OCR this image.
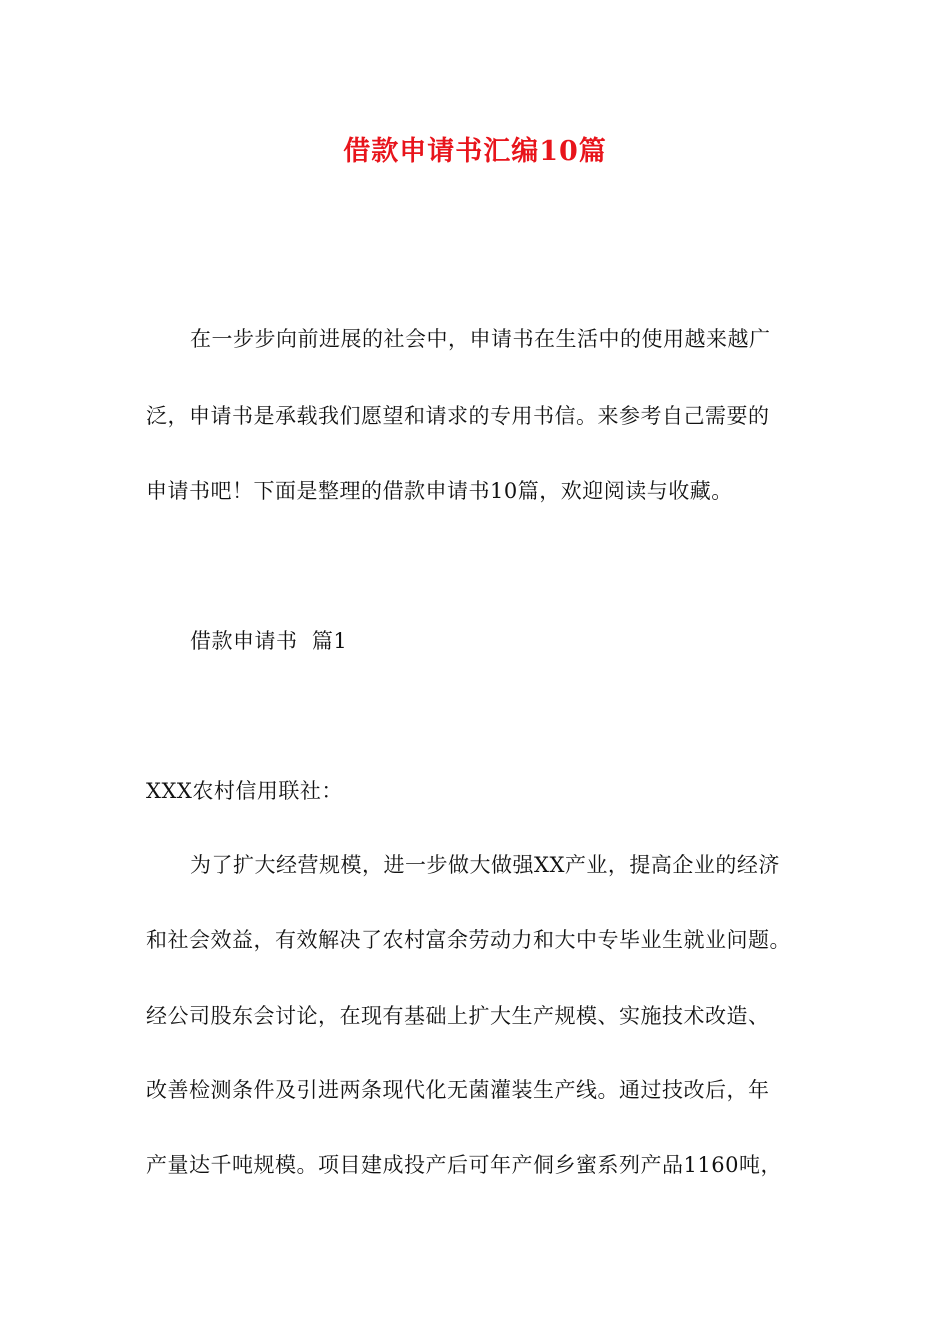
借款申请书汇编10篇
在一步步向前进展的社会中，申请书在生活中的使用越来越广
泛，申请书是承载我们愿望和请求的专用书信。来参考自己需要的
申请书吧！下面是整理的借款申请书10篇，欢迎阅读与收藏。
借款申请书  篇1
XXX农村信用联社：
为了扩大经营规模，进一步做大做强XX产业，提高企业的经济
和社会效益，有效解决了农村富余劳动力和大中专毕业生就业问题。
经公司股东会讨论，在现有基础上扩大生产规模、实施技术改造、
改善检测条件及引进两条现代化无菌灌装生产线。通过技改后，年
产量达千吨规模。项目建成投产后可年产侗乡蜜系列产品1160吨，
